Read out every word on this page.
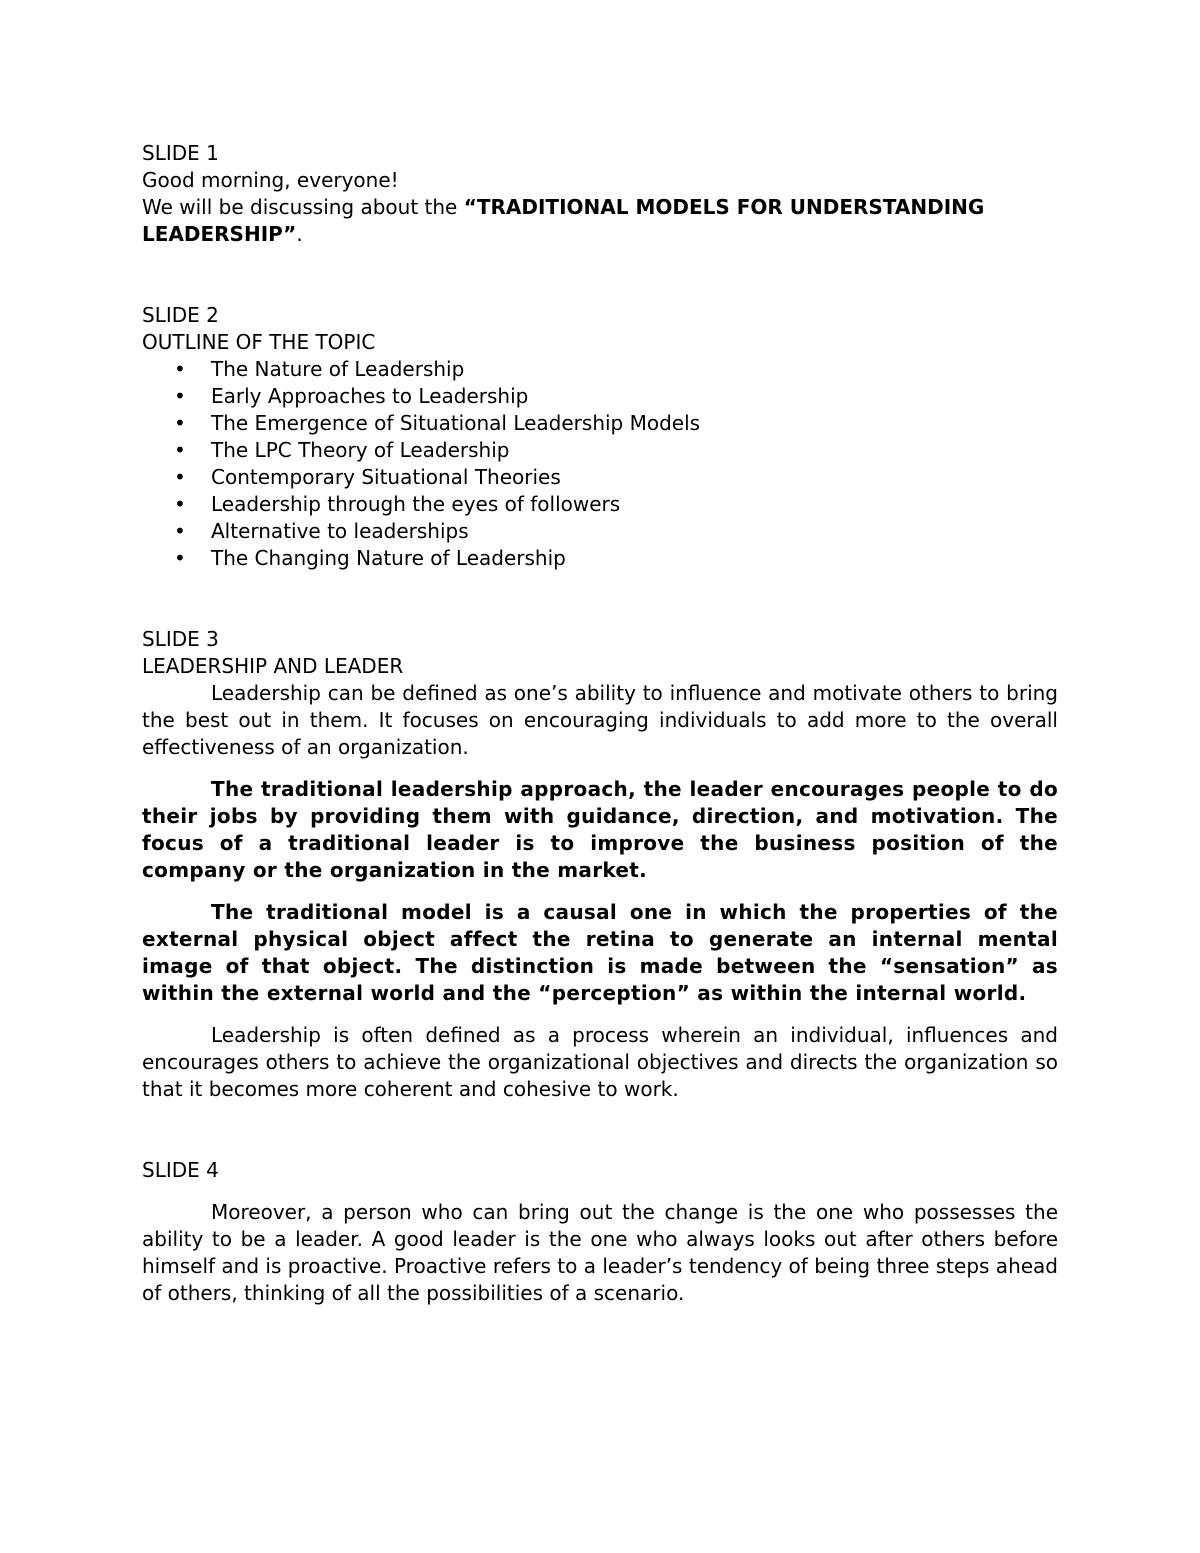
SLIDE 1

Good morning, everyone!

We will be discussing about the “TRADITIONAL MODELS FOR UNDERSTANDING LEADERSHIP”.

SLIDE 2

OUTLINE OF THE TOPIC

• The Nature of Leadership
• Early Approaches to Leadership
• The Emergence of Situational Leadership Models
• The LPC Theory of Leadership
• Contemporary Situational Theories
• Leadership through the eyes of followers
• Alternative to leaderships
• The Changing Nature of Leadership

SLIDE 3

LEADERSHIP AND LEADER

Leadership can be defined as one’s ability to influence and motivate others to bring the best out in them. It focuses on encouraging individuals to add more to the overall effectiveness of an organization.

The traditional leadership approach, the leader encourages people to do their jobs by providing them with guidance, direction, and motivation. The focus of a traditional leader is to improve the business position of the company or the organization in the market.

The traditional model is a causal one in which the properties of the external physical object affect the retina to generate an internal mental image of that object. The distinction is made between the “sensation” as within the external world and the “perception” as within the internal world.

Leadership is often defined as a process wherein an individual, influences and encourages others to achieve the organizational objectives and directs the organization so that it becomes more coherent and cohesive to work.

SLIDE 4

Moreover, a person who can bring out the change is the one who possesses the ability to be a leader. A good leader is the one who always looks out after others before himself and is proactive. Proactive refers to a leader’s tendency of being three steps ahead of others, thinking of all the possibilities of a scenario.
